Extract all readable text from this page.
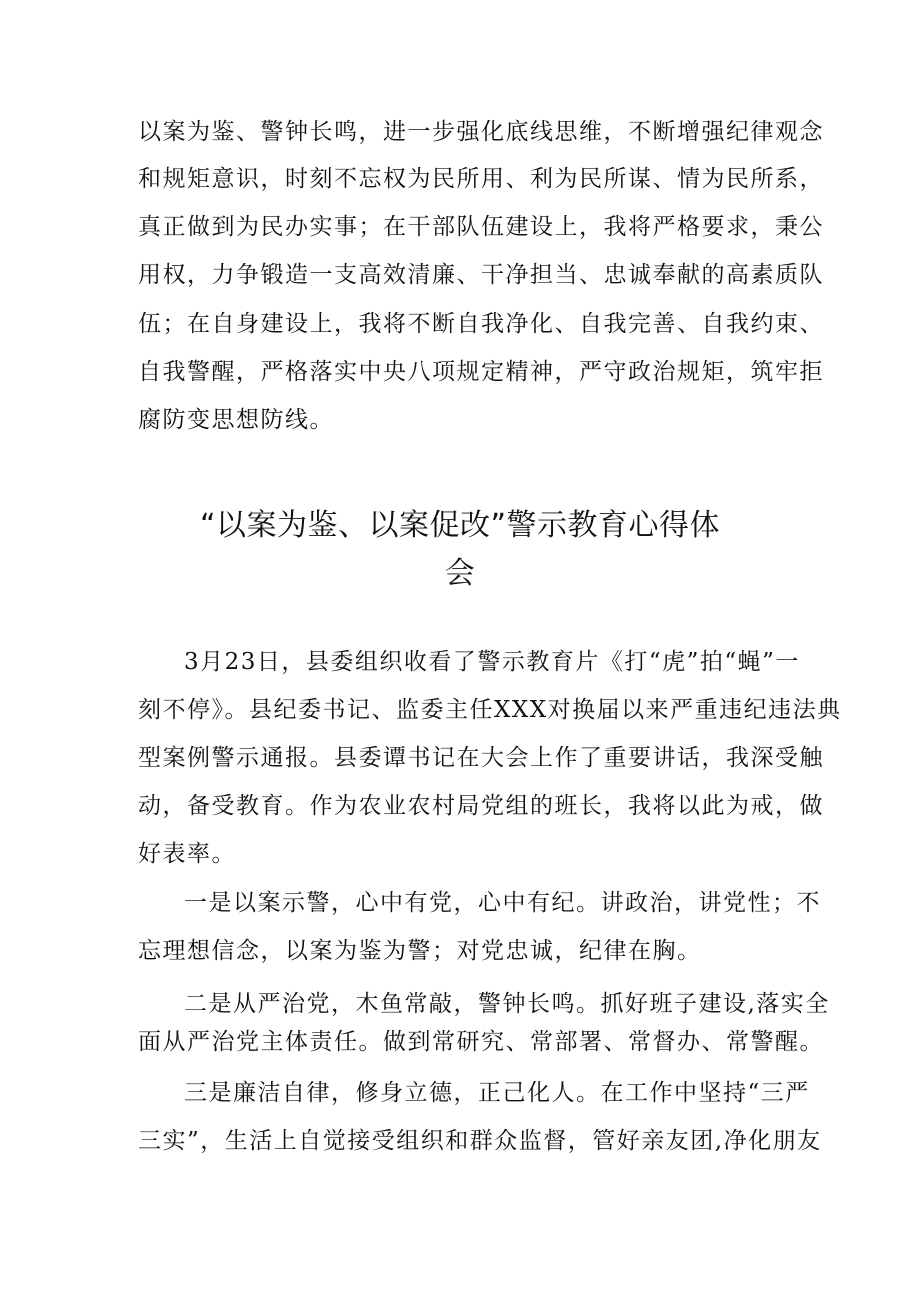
以案为鉴、警钟长鸣，进一步强化底线思维，不断增强纪律观念
和规矩意识，时刻不忘权为民所用、利为民所谋、情为民所系，
真正做到为民办实事；在干部队伍建设上，我将严格要求，秉公
用权，力争锻造一支高效清廉、干净担当、忠诚奉献的高素质队
伍；在自身建设上，我将不断自我净化、自我完善、自我约束、
自我警醒，严格落实中央八项规定精神，严守政治规矩，筑牢拒
腐防变思想防线。
“以案为鉴、以案促改”警示教育心得体
会
3月23日，县委组织收看了警示教育片《打“虎”拍“蝇”一
刻不停》。县纪委书记、监委主任XXX对换届以来严重违纪违法典
型案例警示通报。县委谭书记在大会上作了重要讲话，我深受触
动，备受教育。作为农业农村局党组的班长，我将以此为戒，做
好表率。
一是以案示警，心中有党，心中有纪。讲政治，讲党性；不
忘理想信念，以案为鉴为警；对党忠诚，纪律在胸。
二是从严治党，木鱼常敲，警钟长鸣。抓好班子建设,落实全
面从严治党主体责任。做到常研究、常部署、常督办、常警醒。
三是廉洁自律，修身立德，正己化人。在工作中坚持“三严
三实”，生活上自觉接受组织和群众监督，管好亲友团,净化朋友
